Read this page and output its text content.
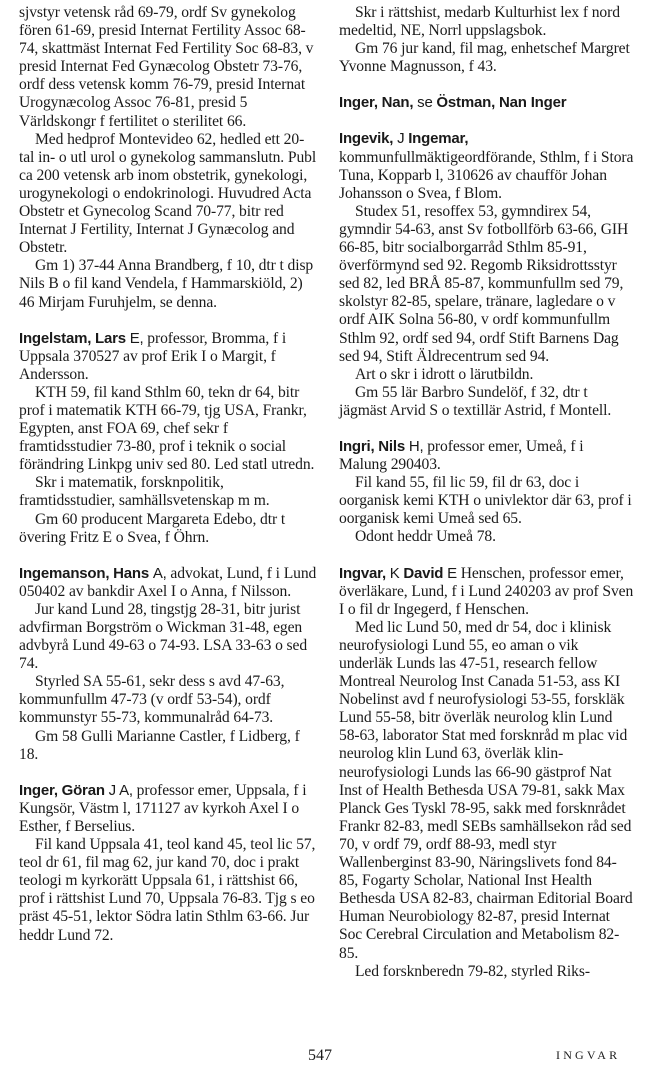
sjvstyr vetensk råd 69-79, ordf Sv gynekolog fören 61-69, presid Internat Fertility Assoc 68-74, skattmäst Internat Fed Fertility Soc 68-83, v presid Internat Fed Gynæcolog Obstetr 73-76, ordf dess vetensk komm 76-79, presid Internat Urogynæcolog Assoc 76-81, presid 5 Världskongr f fertilitet o sterilitet 66.

Med hedprof Montevideo 62, hedled ett 20-tal in- o utl urol o gynekolog sammanslutn. Publ ca 200 vetensk arb inom obstetrik, gynekologi, urogynekologi o endokrinologi. Huvudred Acta Obstetr et Gynecolog Scand 70-77, bitr red Internat J Fertility, Internat J Gynæcolog and Obstetr.

Gm 1) 37-44 Anna Brandberg, f 10, dtr t disp Nils B o fil kand Vendela, f Hammarskiöld, 2) 46 Mirjam Furuhjelm, se denna.

Ingelstam, Lars E, professor, Bromma, f i Uppsala 370527 av prof Erik I o Margit, f Andersson.

KTH 59, fil kand Sthlm 60, tekn dr 64, bitr prof i matematik KTH 66-79, tjg USA, Frankr, Egypten, anst FOA 69, chef sekr f framtidsstudier 73-80, prof i teknik o social förändring Linkpg univ sed 80. Led statl utredn.

Skr i matematik, forsknpolitik, framtidsstudier, samhällsvetenskap m m.

Gm 60 producent Margareta Edebo, dtr t övering Fritz E o Svea, f Öhrn.

Ingemanson, Hans A, advokat, Lund, f i Lund 050402 av bankdir Axel I o Anna, f Nilsson.

Jur kand Lund 28, tingstjg 28-31, bitr jurist advfirman Borgström o Wickman 31-48, egen advbyrå Lund 49-63 o 74-93. LSA 33-63 o sed 74.

Styrled SA 55-61, sekr dess s avd 47-63, kommunfullm 47-73 (v ordf 53-54), ordf kommunstyr 55-73, kommunalråd 64-73.

Gm 58 Gulli Marianne Castler, f Lidberg, f 18.

Inger, Göran J A, professor emer, Uppsala, f i Kungsör, Västm l, 171127 av kyrkoh Axel I o Esther, f Berselius.

Fil kand Uppsala 41, teol kand 45, teol lic 57, teol dr 61, fil mag 62, jur kand 70, doc i prakt teologi m kyrkorätt Uppsala 61, i rättshist 66, prof i rättshist Lund 70, Uppsala 76-83. Tjg s eo präst 45-51, lektor Södra latin Sthlm 63-66. Jur heddr Lund 72.

Skr i rättshist, medarb Kulturhist lex f nord medeltid, NE, Norrl uppslagsbok.

Gm 76 jur kand, fil mag, enhetschef Margret Yvonne Magnusson, f 43.

Inger, Nan, se Östman, Nan Inger

Ingevik, J Ingemar, kommunfullmäktigeordförande, Sthlm, f i Stora Tuna, Kopparb l, 310626 av chaufför Johan Johansson o Svea, f Blom.

Studex 51, resoffex 53, gymndirex 54, gymndir 54-63, anst Sv fotbollförb 63-66, GIH 66-85, bitr socialborgarråd Sthlm 85-91, överförmynd sed 92. Regomb Riksidrottsstyr sed 82, led BRÅ 85-87, kommunfullm sed 79, skolstyr 82-85, spelare, tränare, lagledare o v ordf AIK Solna 56-80, v ordf kommunfullm Sthlm 92, ordf sed 94, ordf Stift Barnens Dag sed 94, Stift Äldrecentrum sed 94.

Art o skr i idrott o lärutbildn.

Gm 55 lär Barbro Sundelöf, f 32, dtr t jägmäst Arvid S o textillär Astrid, f Montell.

Ingri, Nils H, professor emer, Umeå, f i Malung 290403.

Fil kand 55, fil lic 59, fil dr 63, doc i oorganisk kemi KTH o univlektor där 63, prof i oorganisk kemi Umeå sed 65.

Odont heddr Umeå 78.

Ingvar, K David E Henschen, professor emer, överläkare, Lund, f i Lund 240203 av prof Sven I o fil dr Ingegerd, f Henschen.

Med lic Lund 50, med dr 54, doc i klinisk neurofysiologi Lund 55, eo aman o vik underläk Lunds las 47-51, research fellow Montreal Neurolog Inst Canada 51-53, ass KI Nobelinst avd f neurofysiologi 53-55, forskläk Lund 55-58, bitr överläk neurolog klin Lund 58-63, laborator Stat med forsknråd m plac vid neurolog klin Lund 63, överläk klin-neurofysiologi Lunds las 66-90 gästprof Nat Inst of Health Bethesda USA 79-81, sakk Max Planck Ges Tyskl 78-95, sakk med forsknrådet Frankr 82-83, medl SEBs samhällsekon råd sed 70, v ordf 79, ordf 88-93, medl styr Wallenberginst 83-90, Näringslivets fond 84-85, Fogarty Scholar, National Inst Health Bethesda USA 82-83, chairman Editorial Board Human Neurobiology 82-87, presid Internat Soc Cerebral Circulation and Metabolism 82-85.

Led forsknberedn 79-82, styrled Riks-

547	INGVAR
